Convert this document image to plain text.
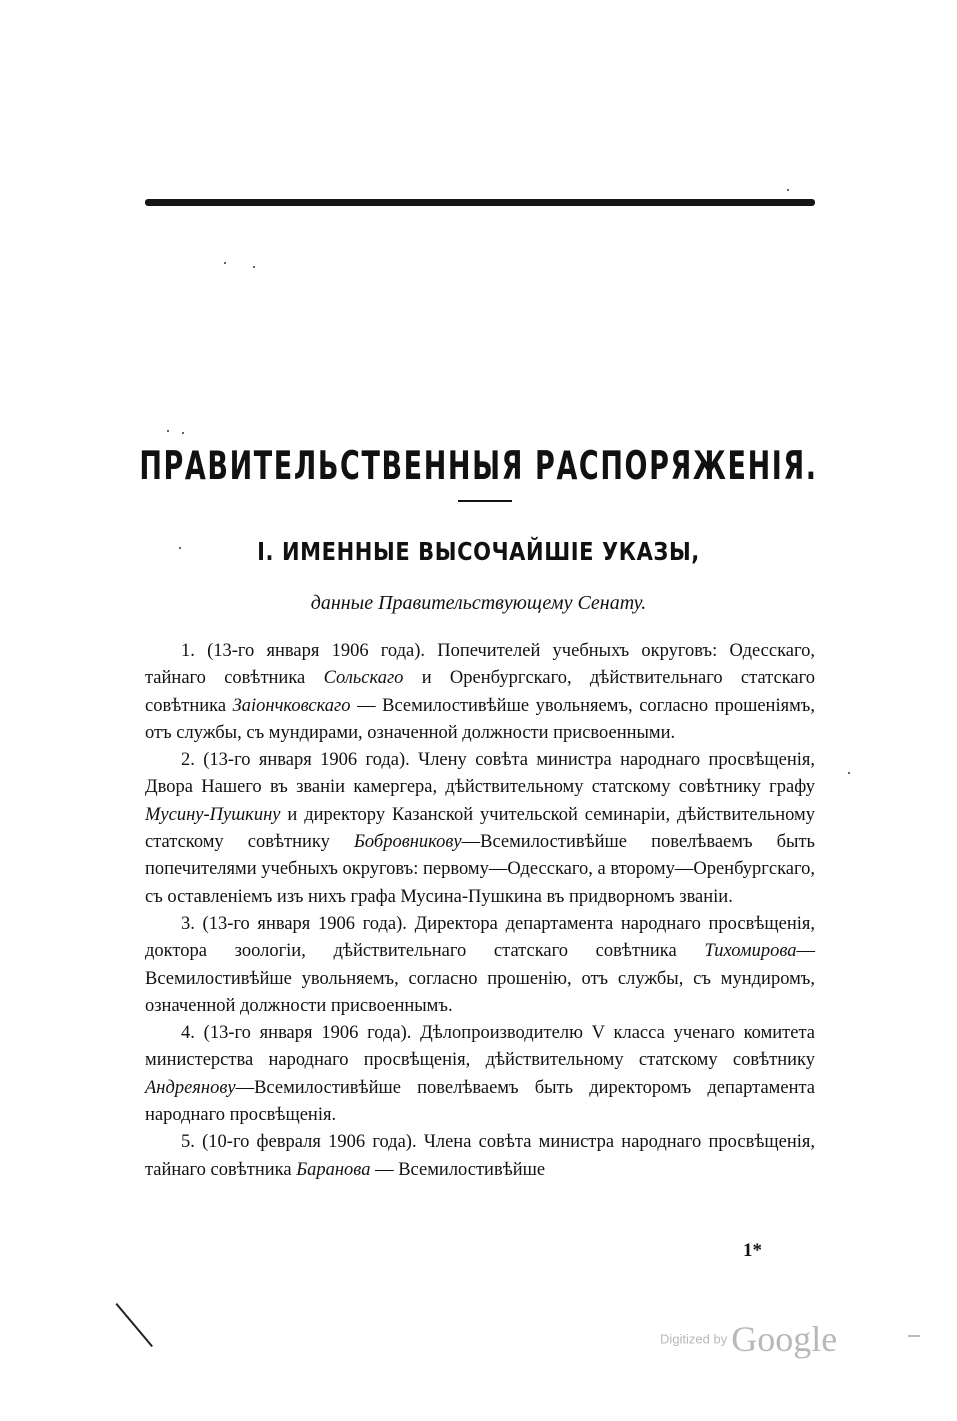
ПРАВИТЕЛЬСТВЕННЫЯ РАСПОРЯЖЕНІЯ.
I. ИМЕННЫЕ ВЫСОЧАЙШІЕ УКАЗЫ,

данные Правительствующему Сенату.

1. (13-го января 1906 года). Попечителей учебныхъ округовъ: Одесскаго, тайнаго совѣтника Сольскаго и Оренбургскаго, дѣйствительнаго статскаго совѣтника Заіончковскаго — Всемилостивѣйше увольняемъ, согласно прошеніямъ, отъ службы, съ мундирами, означенной должности присвоенными.

2. (13-го января 1906 года). Члену совѣта министра народнаго просвѣщенія, Двора Нашего въ званіи камергера, дѣйствительному статскому совѣтнику графу Мусину-Пушкину и директору Казанской учительской семинаріи, дѣйствительному статскому совѣтнику Бобровникову—Всемилостивѣйше повелѣваемъ быть попечителями учебныхъ округовъ: первому—Одесскаго, а второму—Оренбургскаго, съ оставленіемъ изъ нихъ графа Мусина-Пушкина въ придворномъ званіи.

3. (13-го января 1906 года). Директора департамента народнаго просвѣщенія, доктора зоологіи, дѣйствительнаго статскаго совѣтника Тихомирова—Всемилостивѣйше увольняемъ, согласно прошенію, отъ службы, съ мундиромъ, означенной должности присвоеннымъ.

4. (13-го января 1906 года). Дѣлопроизводителю V класса ученаго комитета министерства народнаго просвѣщенія, дѣйствительному статскому совѣтнику Андреянову—Всемилостивѣйше повелѣваемъ быть директоромъ департамента народнаго просвѣщенія.

5. (10-го февраля 1906 года). Члена совѣта министра народнаго просвѣщенія, тайнаго совѣтника Баранова — Всемилостивѣйше

1*
Digitized by Google
